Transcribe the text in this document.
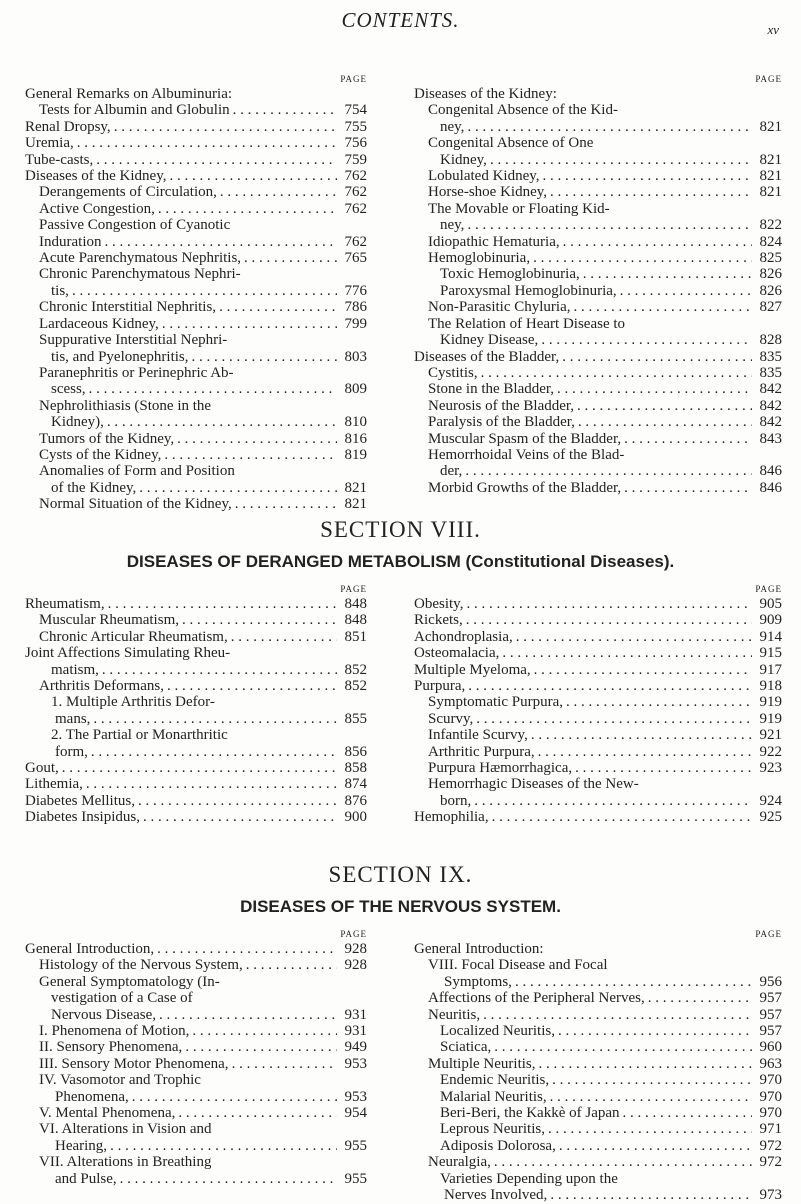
CONTENTS.	xv
PAGE
General Remarks on Albuminuria:
Tests for Albumin and Globulin . . .	754
Renal Dropsy, . . .	755
Uremia, . . .	756
Tube-casts, . . .	759
Diseases of the Kidney, . . .	762
Derangements of Circulation, . . .	762
Active Congestion, . . .	762
Passive Congestion of Cyanotic
Induration . . .	762
Acute Parenchymatous Nephritis, . . .	765
Chronic Parenchymatous Nephri-
tis, . . .	776
Chronic Interstitial Nephritis, . . .	786
Lardaceous Kidney, . . .	799
Suppurative Interstitial Nephri-
tis, and Pyelonephritis, . . .	803
Paranephritis or Perinephric Ab-
scess, . . .	809
Nephrolithiasis (Stone in the
Kidney), . . .	810
Tumors of the Kidney, . . .	816
Cysts of the Kidney, . . .	819
Anomalies of Form and Position
of the Kidney, . . .	821
Normal Situation of the Kidney, . . .	821
PAGE
Diseases of the Kidney:
Congenital Absence of the Kid-
ney, . . .	821
Congenital Absence of One
Kidney, . . .	821
Lobulated Kidney, . . .	821
Horse-shoe Kidney, . . .	821
The Movable or Floating Kid-
ney, . . .	822
Idiopathic Hematuria, . . .	824
Hemoglobinuria, . . .	825
Toxic Hemoglobinuria, . . .	826
Paroxysmal Hemoglobinuria, . . .	826
Non-Parasitic Chyluria, . . .	827
The Relation of Heart Disease to
Kidney Disease, . . .	828
Diseases of the Bladder, . . .	835
Cystitis, . . .	835
Stone in the Bladder, . . .	842
Neurosis of the Bladder, . . .	842
Paralysis of the Bladder, . . .	842
Muscular Spasm of the Bladder, . . .	843
Hemorrhoidal Veins of the Blad-
der, . . .	846
Morbid Growths of the Bladder, . . .	846
SECTION VIII.
DISEASES OF DERANGED METABOLISM (Constitutional Diseases).
PAGE
Rheumatism, . . .	848
Muscular Rheumatism, . . .	848
Chronic Articular Rheumatism, . . .	851
Joint Affections Simulating Rheu-
matism, . . .	852
Arthritis Deformans, . . .	852
1. Multiple Arthritis Defor-
mans, . . .	855
2. The Partial or Monarthritic
form, . . .	856
Gout, . . .	858
Lithemia, . . .	874
Diabetes Mellitus, . . .	876
Diabetes Insipidus, . . .	900
PAGE
Obesity, . . .	905
Rickets, . . .	909
Achondroplasia, . . .	914
Osteomalacia, . . .	915
Multiple Myeloma, . . .	917
Purpura, . . .	918
Symptomatic Purpura, . . .	919
Scurvy, . . .	919
Infantile Scurvy, . . .	921
Arthritic Purpura, . . .	922
Purpura Hæmorrhagica, . . .	923
Hemorrhagic Diseases of the New-
born, . . .	924
Hemophilia, . . .	925
SECTION IX.
DISEASES OF THE NERVOUS SYSTEM.
PAGE
General Introduction, . . .	928
Histology of the Nervous System, . . .	928
General Symptomatology (In-
vestigation of a Case of
Nervous Disease, . . .	931
I. Phenomena of Motion, . . .	931
II. Sensory Phenomena, . . .	949
III. Sensory Motor Phenomena, . . .	953
IV. Vasomotor and Trophic
Phenomena, . . .	953
V. Mental Phenomena, . . .	954
VI. Alterations in Vision and
Hearing, . . .	955
VII. Alterations in Breathing
and Pulse, . . .	955
PAGE
General Introduction:
VIII. Focal Disease and Focal
Symptoms, . . .	956
Affections of the Peripheral Nerves, . . .	957
Neuritis, . . .	957
Localized Neuritis, . . .	957
Sciatica, . . .	960
Multiple Neuritis, . . .	963
Endemic Neuritis, . . .	970
Malarial Neuritis, . . .	970
Beri-Beri, the Kakkè of Japan . . .	970
Leprous Neuritis, . . .	971
Adiposis Dolorosa, . . .	972
Neuralgia, . . .	972
Varieties Depending upon the
Nerves Involved, . . .	973
